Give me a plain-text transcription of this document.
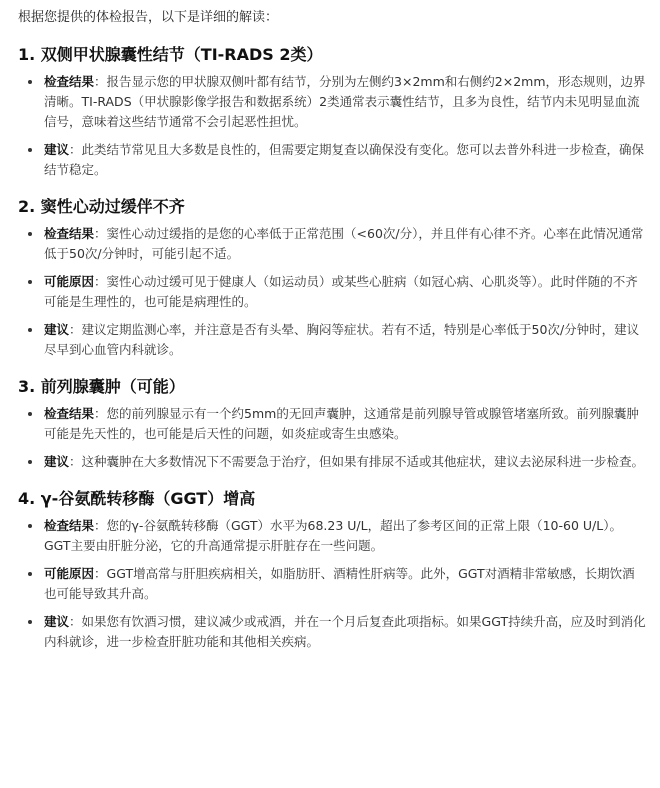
根据您提供的体检报告，以下是详细的解读：

1. 双侧甲状腺囊性结节（TI-RADS 2类）
检查结果：报告显示您的甲状腺双侧叶都有结节，分别为左侧约3×2mm和右侧约2×2mm，形态规则，边界清晰。TI-RADS（甲状腺影像学报告和数据系统）2类通常表示囊性结节，且多为良性，结节内未见明显血流信号，意味着这些结节通常不会引起恶性担忧。
建议：此类结节常见且大多数是良性的，但需要定期复查以确保没有变化。您可以去普外科进一步检查，确保结节稳定。
2. 窦性心动过缓伴不齐
检查结果：窦性心动过缓指的是您的心率低于正常范围（<60次/分），并且伴有心律不齐。心率在此情况通常低于50次/分钟时，可能引起不适。
可能原因：窦性心动过缓可见于健康人（如运动员）或某些心脏病（如冠心病、心肌炎等）。此时伴随的不齐可能是生理性的，也可能是病理性的。
建议：建议定期监测心率，并注意是否有头晕、胸闷等症状。若有不适，特别是心率低于50次/分钟时，建议尽早到心血管内科就诊。
3. 前列腺囊肿（可能）
检查结果：您的前列腺显示有一个约5mm的无回声囊肿，这通常是前列腺导管或腺管堵塞所致。前列腺囊肿可能是先天性的，也可能是后天性的问题，如炎症或寄生虫感染。
建议：这种囊肿在大多数情况下不需要急于治疗，但如果有排尿不适或其他症状，建议去泌尿科进一步检查。
4. γ-谷氨酰转移酶（GGT）增高
检查结果：您的γ-谷氨酰转移酶（GGT）水平为68.23 U/L，超出了参考区间的正常上限（10-60 U/L）。GGT主要由肝脏分泌，它的升高通常提示肝脏存在一些问题。
可能原因：GGT增高常与肝胆疾病相关，如脂肪肝、酒精性肝病等。此外，GGT对酒精非常敏感，长期饮酒也可能导致其升高。
建议：如果您有饮酒习惯，建议减少或戒酒，并在一个月后复查此项指标。如果GGT持续升高，应及时到消化内科就诊，进一步检查肝脏功能和其他相关疾病。
